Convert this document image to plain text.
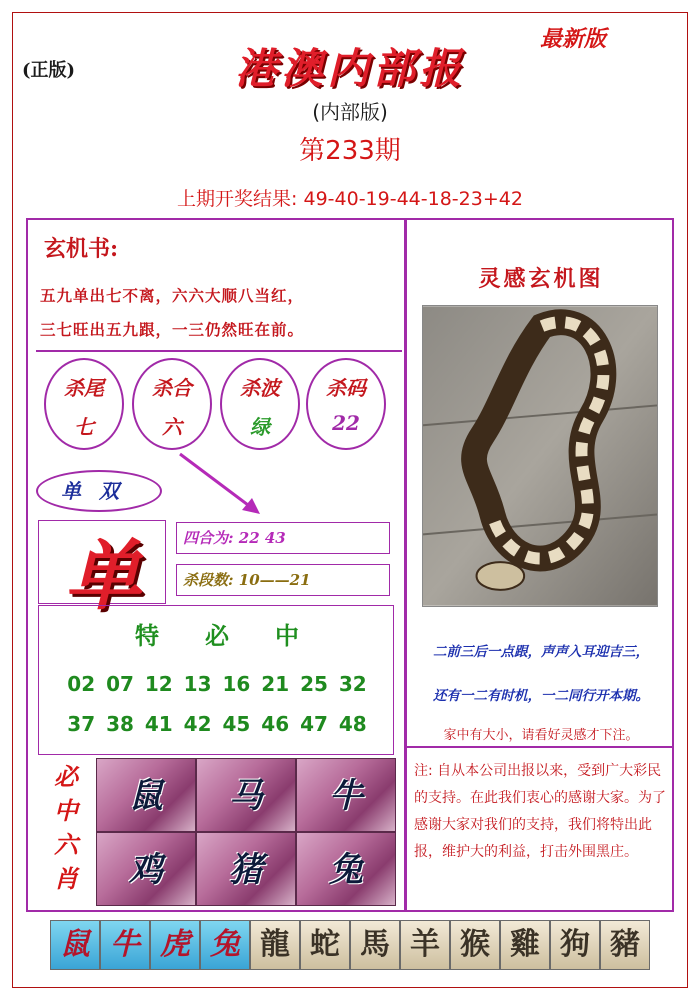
(正版)
最新版
港澳内部报
(内部版)
第233期
上期开奖结果: 49-40-19-44-18-23+42
玄机书:
五九单出七不离，六六大顺八当红，
三七旺出五九跟，一三仍然旺在前。
杀尾
七
杀合
六
杀波
绿
杀码
22
单双
单	四合为: 22 43
杀段数: 10——21
特必中
02 07 12 13 16 21 25 32
37 38 41 42 45 46 47 48
必
中
六
肖
鼠	马	牛
鸡	猪	兔
灵感玄机图
二前三后一点跟，声声入耳迎吉三，
还有一二有时机，一二同行开本期。
家中有大小，请看好灵感才下注。
注: 自从本公司出报以来，受到广大彩民的支持。在此我们衷心的感谢大家。为了感谢大家对我们的支持，我们将特出此报，维护大的利益，打击外围黑庄。
鼠 牛 虎 兔 龍 蛇 馬 羊 猴 雞 狗 豬
